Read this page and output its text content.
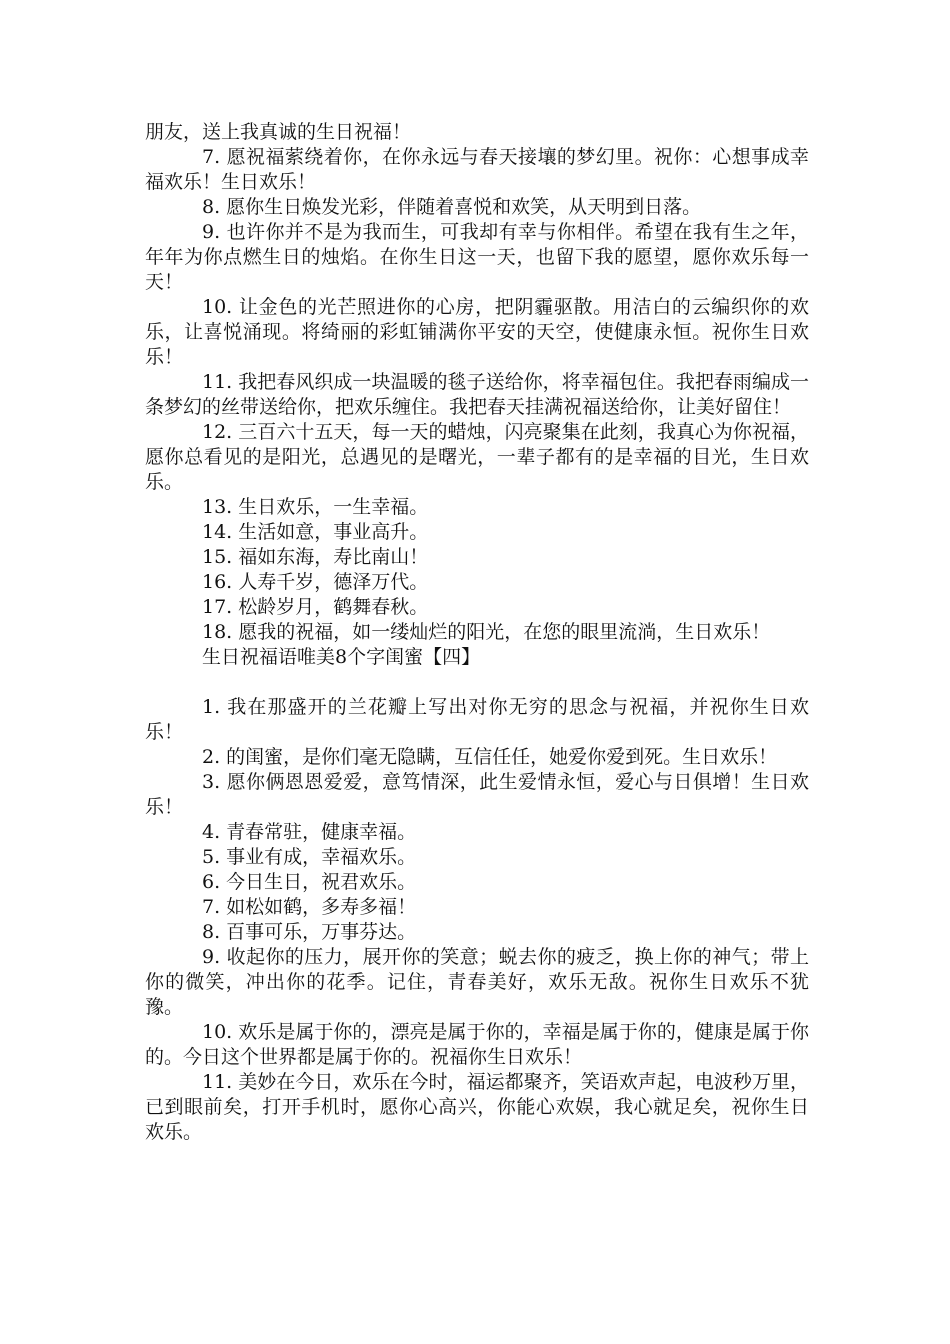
朋友，送上我真诚的生日祝福！

7. 愿祝福萦绕着你，在你永远与春天接壤的梦幻里。祝你：心想事成幸福欢乐！生日欢乐！

8. 愿你生日焕发光彩，伴随着喜悦和欢笑，从天明到日落。

9. 也许你并不是为我而生，可我却有幸与你相伴。希望在我有生之年，年年为你点燃生日的烛焰。在你生日这一天，也留下我的愿望，愿你欢乐每一天！

10. 让金色的光芒照进你的心房，把阴霾驱散。用洁白的云编织你的欢乐，让喜悦涌现。将绮丽的彩虹铺满你平安的天空，使健康永恒。祝你生日欢乐！

11. 我把春风织成一块温暖的毯子送给你，将幸福包住。我把春雨编成一条梦幻的丝带送给你，把欢乐缠住。我把春天挂满祝福送给你，让美好留住！

12. 三百六十五天，每一天的蜡烛，闪亮聚集在此刻，我真心为你祝福，愿你总看见的是阳光，总遇见的是曙光，一辈子都有的是幸福的目光，生日欢乐。

13. 生日欢乐，一生幸福。

14. 生活如意，事业高升。

15. 福如东海，寿比南山！

16. 人寿千岁，德泽万代。

17. 松龄岁月，鹤舞春秋。

18. 愿我的祝福，如一缕灿烂的阳光，在您的眼里流淌，生日欢乐！

生日祝福语唯美8个字闺蜜【四】

1. 我在那盛开的兰花瓣上写出对你无穷的思念与祝福，并祝你生日欢乐！

2. 的闺蜜，是你们毫无隐瞒，互信任任，她爱你爱到死。生日欢乐！

3. 愿你俩恩恩爱爱，意笃情深，此生爱情永恒，爱心与日俱增！生日欢乐！

4. 青春常驻，健康幸福。

5. 事业有成，幸福欢乐。

6. 今日生日，祝君欢乐。

7. 如松如鹤，多寿多福！

8. 百事可乐，万事芬达。

9. 收起你的压力，展开你的笑意；蜕去你的疲乏，换上你的神气；带上你的微笑，冲出你的花季。记住，青春美好，欢乐无敌。祝你生日欢乐不犹豫。

10. 欢乐是属于你的，漂亮是属于你的，幸福是属于你的，健康是属于你的。今日这个世界都是属于你的。祝福你生日欢乐！

11. 美妙在今日，欢乐在今时，福运都聚齐，笑语欢声起，电波秒万里，已到眼前矣，打开手机时，愿你心高兴，你能心欢娱，我心就足矣，祝你生日欢乐。
